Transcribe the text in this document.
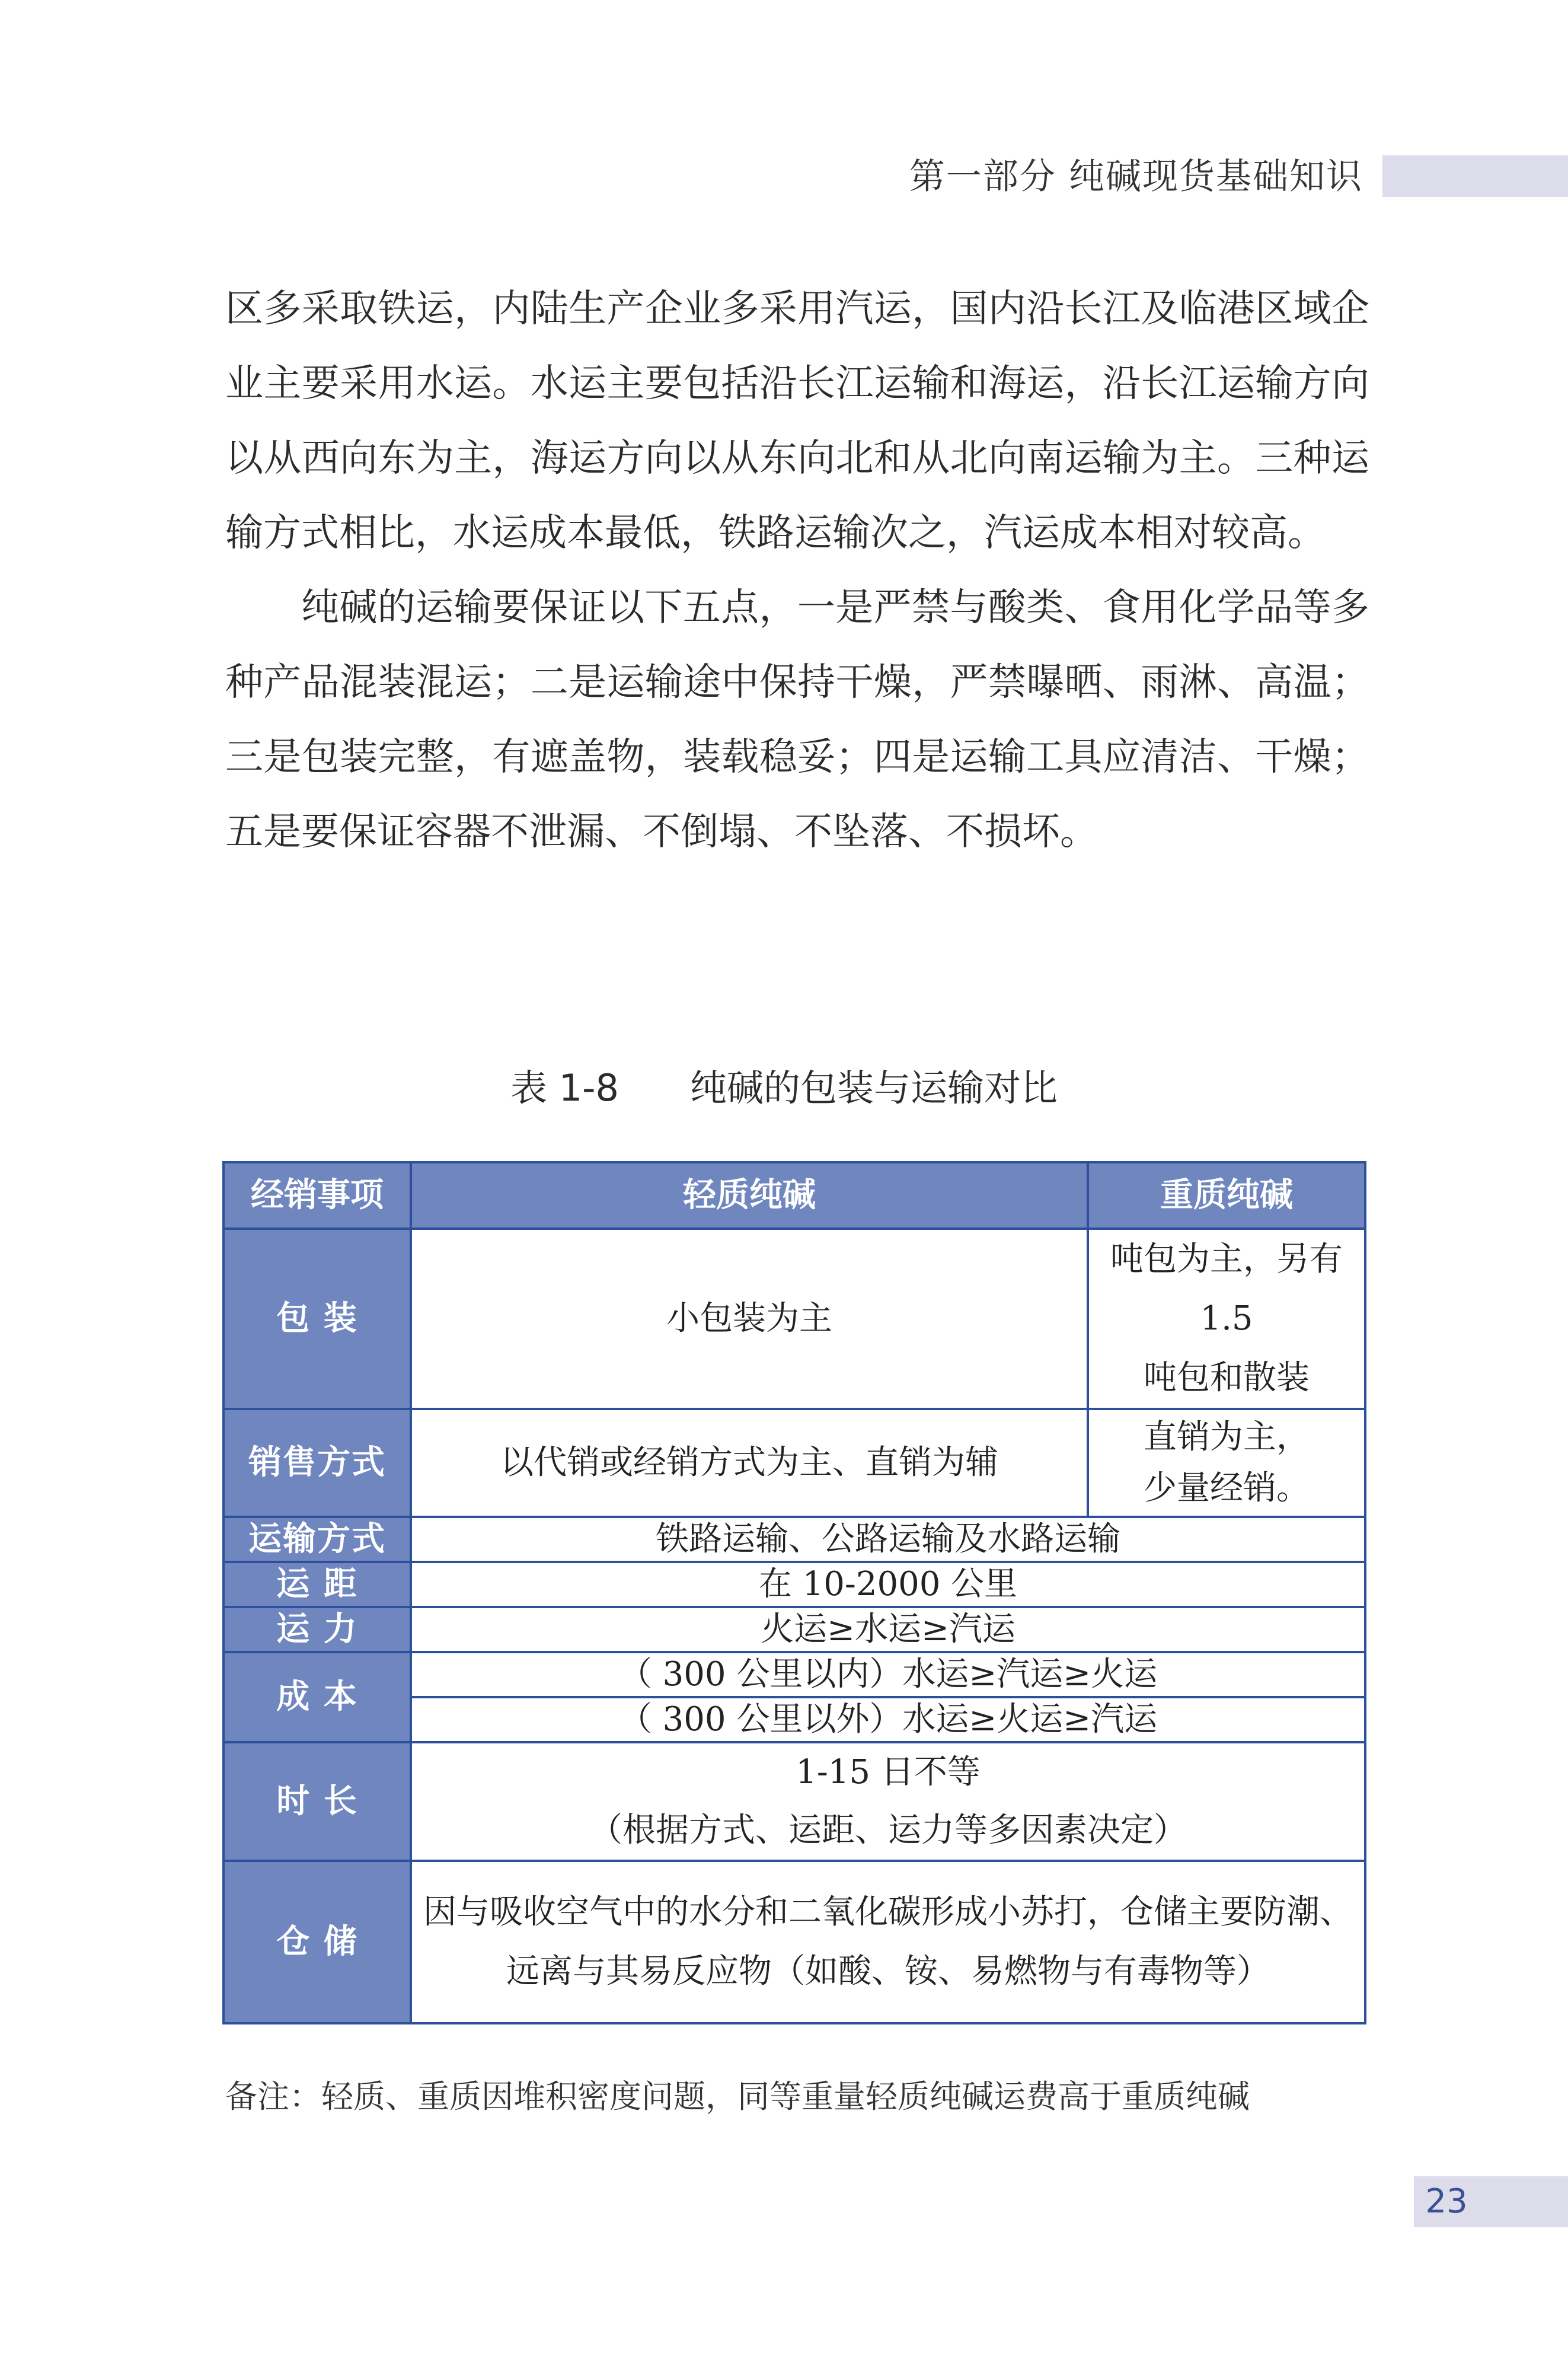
第一部分 纯碱现货基础知识

区多采取铁运，内陆生产企业多采用汽运，国内沿长江及临港区域企业主要采用水运。水运主要包括沿长江运输和海运，沿长江运输方向以从西向东为主，海运方向以从东向北和从北向南运输为主。三种运输方式相比，水运成本最低，铁路运输次之，汽运成本相对较高。

纯碱的运输要保证以下五点，一是严禁与酸类、食用化学品等多种产品混装混运；二是运输途中保持干燥，严禁曝晒、雨淋、高温；三是包装完整，有遮盖物，装载稳妥；四是运输工具应清洁、干燥；五是要保证容器不泄漏、不倒塌、不坠落、不损坏。

表 1-8 纯碱的包装与运输对比
经销事项	轻质纯碱	重质纯碱
包 装	小包装为主	吨包为主，另有 1.5
吨包和散装

销售方式	以代销或经销方式为主、直销为辅	直销为主，
少量经销。

运输方式	铁路运输、公路运输及水路运输	
运 距	在 10-2000 公里	
运 力	火运≥水运≥汽运	
成 本	（ 300 公里以内）水运≥汽运≥火运	
	（ 300 公里以外）水运≥火运≥汽运	
时 长	1-15 日不等
（根据方式、运距、运力等多因素决定）	

仓 储	因与吸收空气中的水分和二氧化碳形成小苏打，仓储主要防潮、
远离与其易反应物（如酸、铵、易燃物与有毒物等）	
备注：轻质、重质因堆积密度问题，同等重量轻质纯碱运费高于重质纯碱
23
